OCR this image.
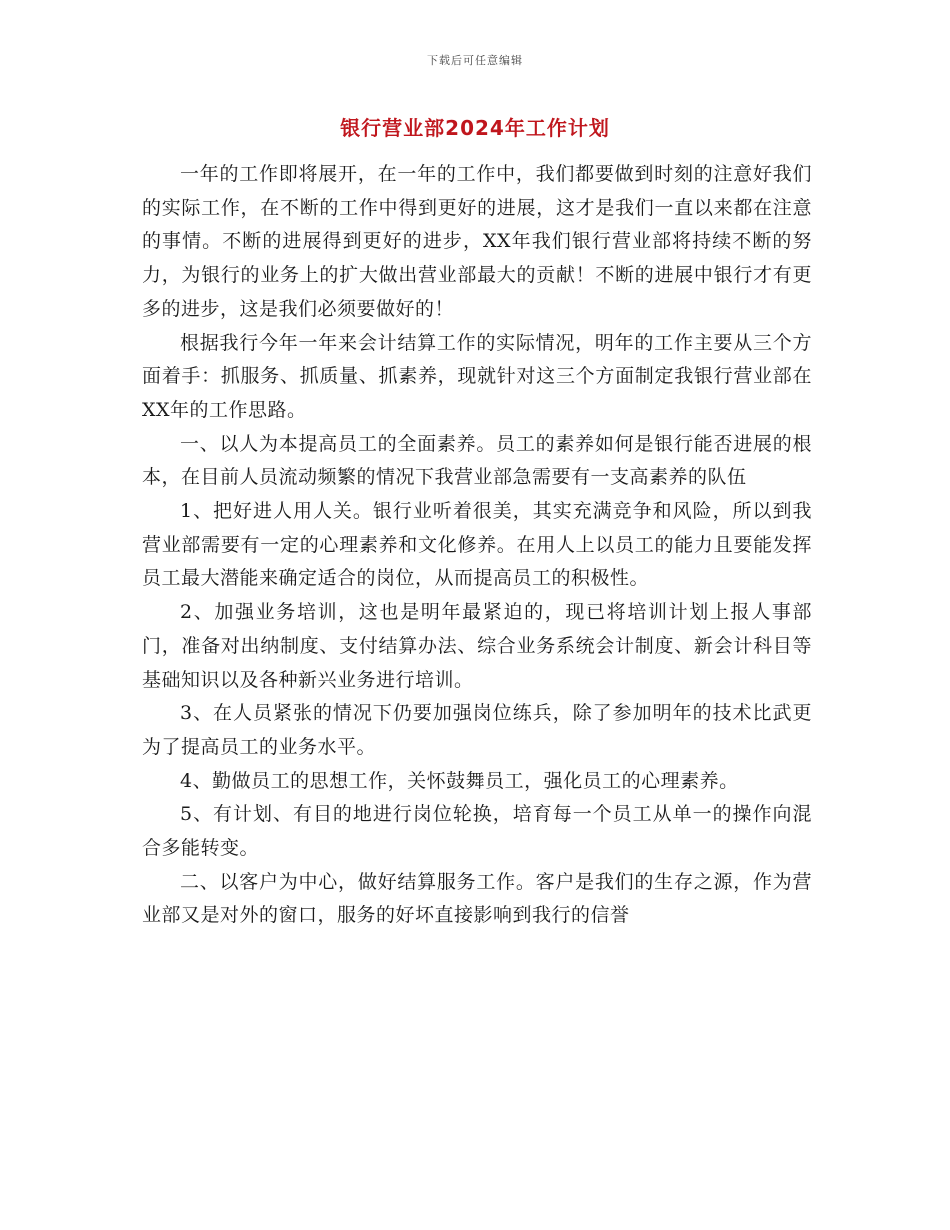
下载后可任意编辑
银行营业部2024年工作计划

一年的工作即将展开，在一年的工作中，我们都要做到时刻的注意好我们的实际工作，在不断的工作中得到更好的进展，这才是我们一直以来都在注意的事情。不断的进展得到更好的进步，XX年我们银行营业部将持续不断的努力，为银行的业务上的扩大做出营业部最大的贡献！不断的进展中银行才有更多的进步，这是我们必须要做好的！

根据我行今年一年来会计结算工作的实际情况，明年的工作主要从三个方面着手：抓服务、抓质量、抓素养，现就针对这三个方面制定我银行营业部在XX年的工作思路。

一、以人为本提高员工的全面素养。员工的素养如何是银行能否进展的根本，在目前人员流动频繁的情况下我营业部急需要有一支高素养的队伍

1、把好进人用人关。银行业听着很美，其实充满竞争和风险，所以到我营业部需要有一定的心理素养和文化修养。在用人上以员工的能力且要能发挥员工最大潜能来确定适合的岗位，从而提高员工的积极性。

2、加强业务培训，这也是明年最紧迫的，现已将培训计划上报人事部门，准备对出纳制度、支付结算办法、综合业务系统会计制度、新会计科目等基础知识以及各种新兴业务进行培训。

3、在人员紧张的情况下仍要加强岗位练兵，除了参加明年的技术比武更为了提高员工的业务水平。

4、勤做员工的思想工作，关怀鼓舞员工，强化员工的心理素养。

5、有计划、有目的地进行岗位轮换，培育每一个员工从单一的操作向混合多能转变。

二、以客户为中心，做好结算服务工作。客户是我们的生存之源，作为营业部又是对外的窗口，服务的好坏直接影响到我行的信誉
